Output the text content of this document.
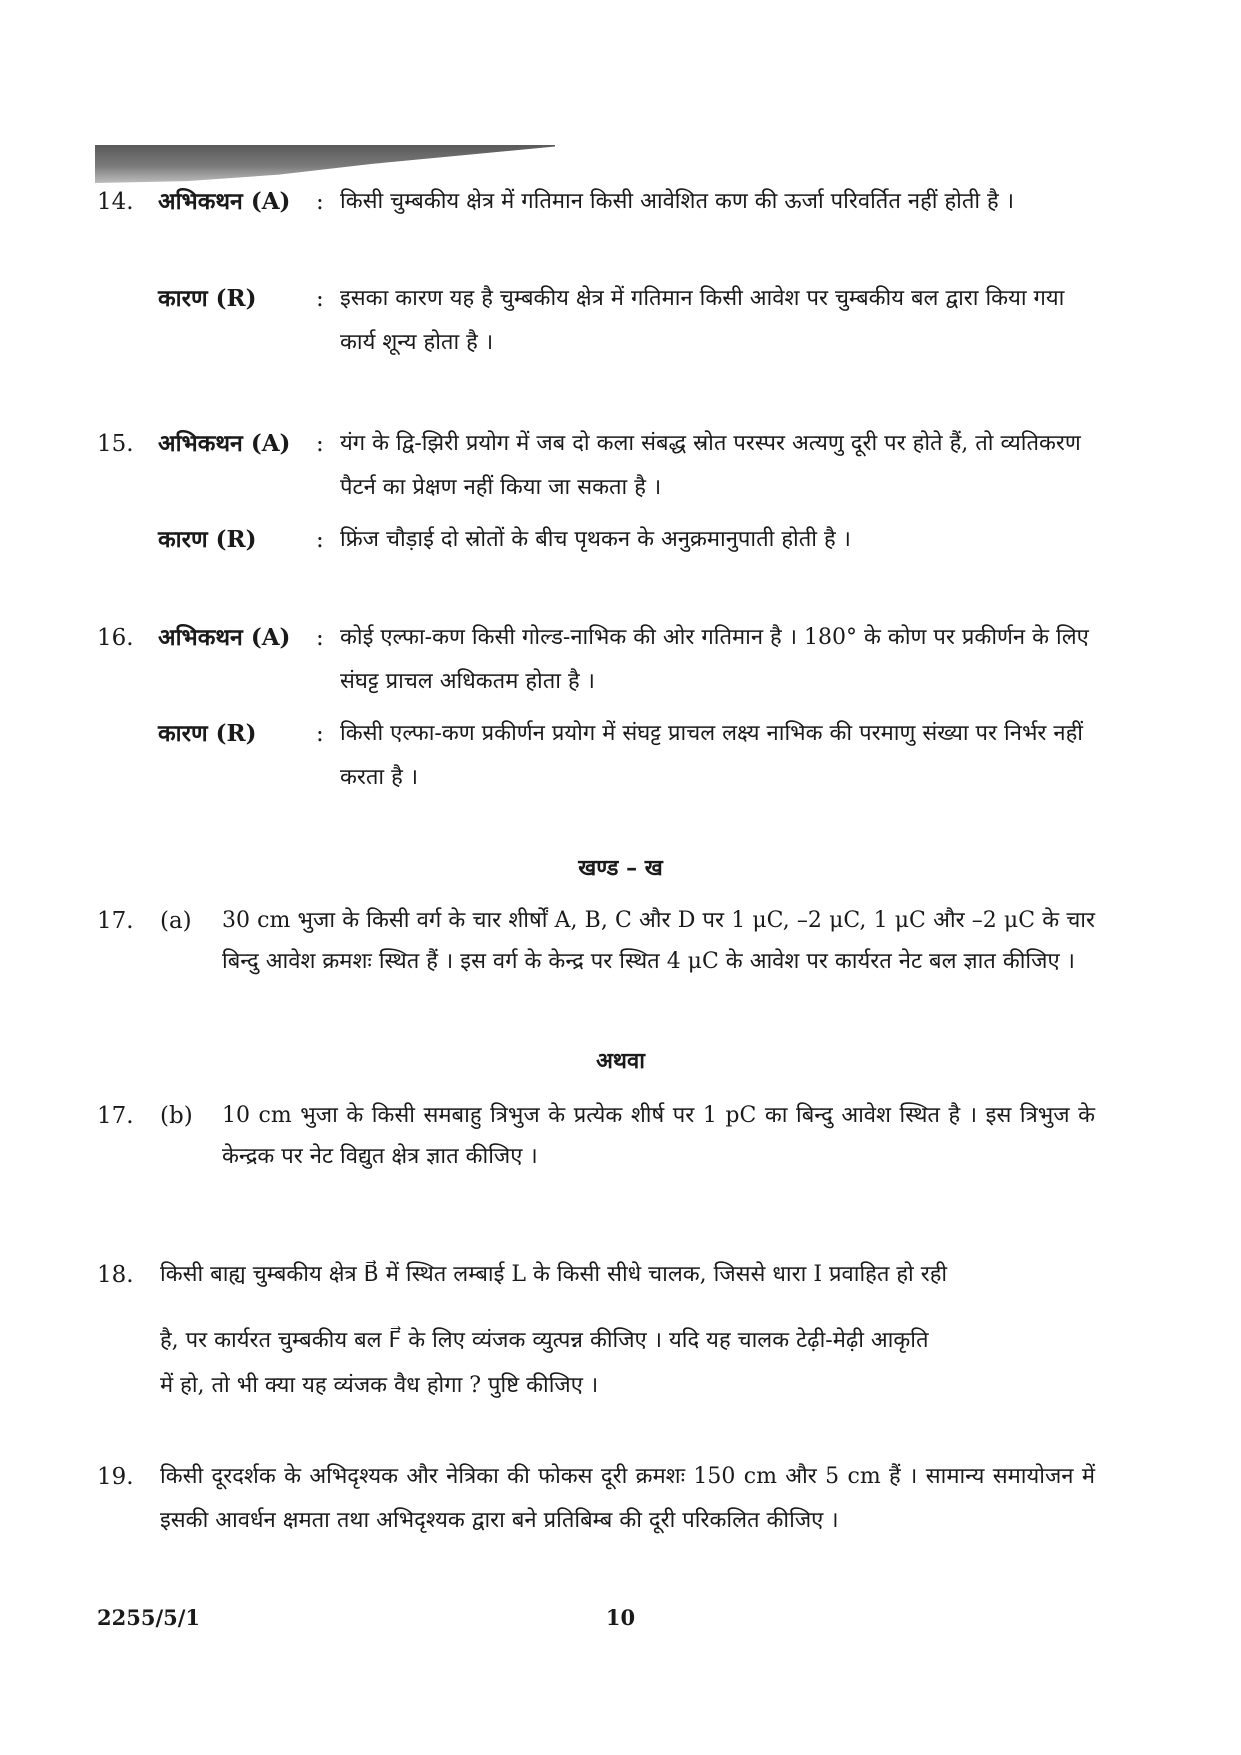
14. अभिकथन (A) : किसी चुम्बकीय क्षेत्र में गतिमान किसी आवेशित कण की ऊर्जा परिवर्तित नहीं होती है ।
कारण (R)	: इसका कारण यह है चुम्बकीय क्षेत्र में गतिमान किसी आवेश पर चुम्बकीय बल द्वारा किया गया कार्य शून्य होता है ।
15. अभिकथन (A) : यंग के द्वि-झिरी प्रयोग में जब दो कला संबद्ध स्रोत परस्पर अत्यणु दूरी पर होते हैं, तो व्यतिकरण पैटर्न का प्रेक्षण नहीं किया जा सकता है ।
कारण (R)	: फ्रिंज चौड़ाई दो स्रोतों के बीच पृथकन के अनुक्रमानुपाती होती है ।
16. अभिकथन (A) : कोई एल्फा-कण किसी गोल्ड-नाभिक की ओर गतिमान है । 180° के कोण पर प्रकीर्णन के लिए संघट्ट प्राचल अधिकतम होता है ।
कारण (R)	: किसी एल्फा-कण प्रकीर्णन प्रयोग में संघट्ट प्राचल लक्ष्य नाभिक की परमाणु संख्या पर निर्भर नहीं करता है ।
खण्ड – ख
17. (a) 30 cm भुजा के किसी वर्ग के चार शीर्षों A, B, C और D पर 1 μC, –2 μC, 1 μC और –2 μC के चार बिन्दु आवेश क्रमशः स्थित हैं । इस वर्ग के केन्द्र पर स्थित 4 μC के आवेश पर कार्यरत नेट बल ज्ञात कीजिए ।
अथवा
17. (b) 10 cm भुजा के किसी समबाहु त्रिभुज के प्रत्येक शीर्ष पर 1 pC का बिन्दु आवेश स्थित है । इस त्रिभुज के केन्द्रक पर नेट विद्युत क्षेत्र ज्ञात कीजिए ।
18. किसी बाह्य चुम्बकीय क्षेत्र B⃗ में स्थित लम्बाई L के किसी सीधे चालक, जिससे धारा I प्रवाहित हो रही
है, पर कार्यरत चुम्बकीय बल F⃗ के लिए व्यंजक व्युत्पन्न कीजिए । यदि यह चालक टेढ़ी-मेढ़ी आकृति
में हो, तो भी क्या यह व्यंजक वैध होगा ? पुष्टि कीजिए ।
19. किसी दूरदर्शक के अभिदृश्यक और नेत्रिका की फोकस दूरी क्रमशः 150 cm और 5 cm हैं । सामान्य समायोजन में इसकी आवर्धन क्षमता तथा अभिदृश्यक द्वारा बने प्रतिबिम्ब की दूरी परिकलित कीजिए ।
2255/5/1	10
